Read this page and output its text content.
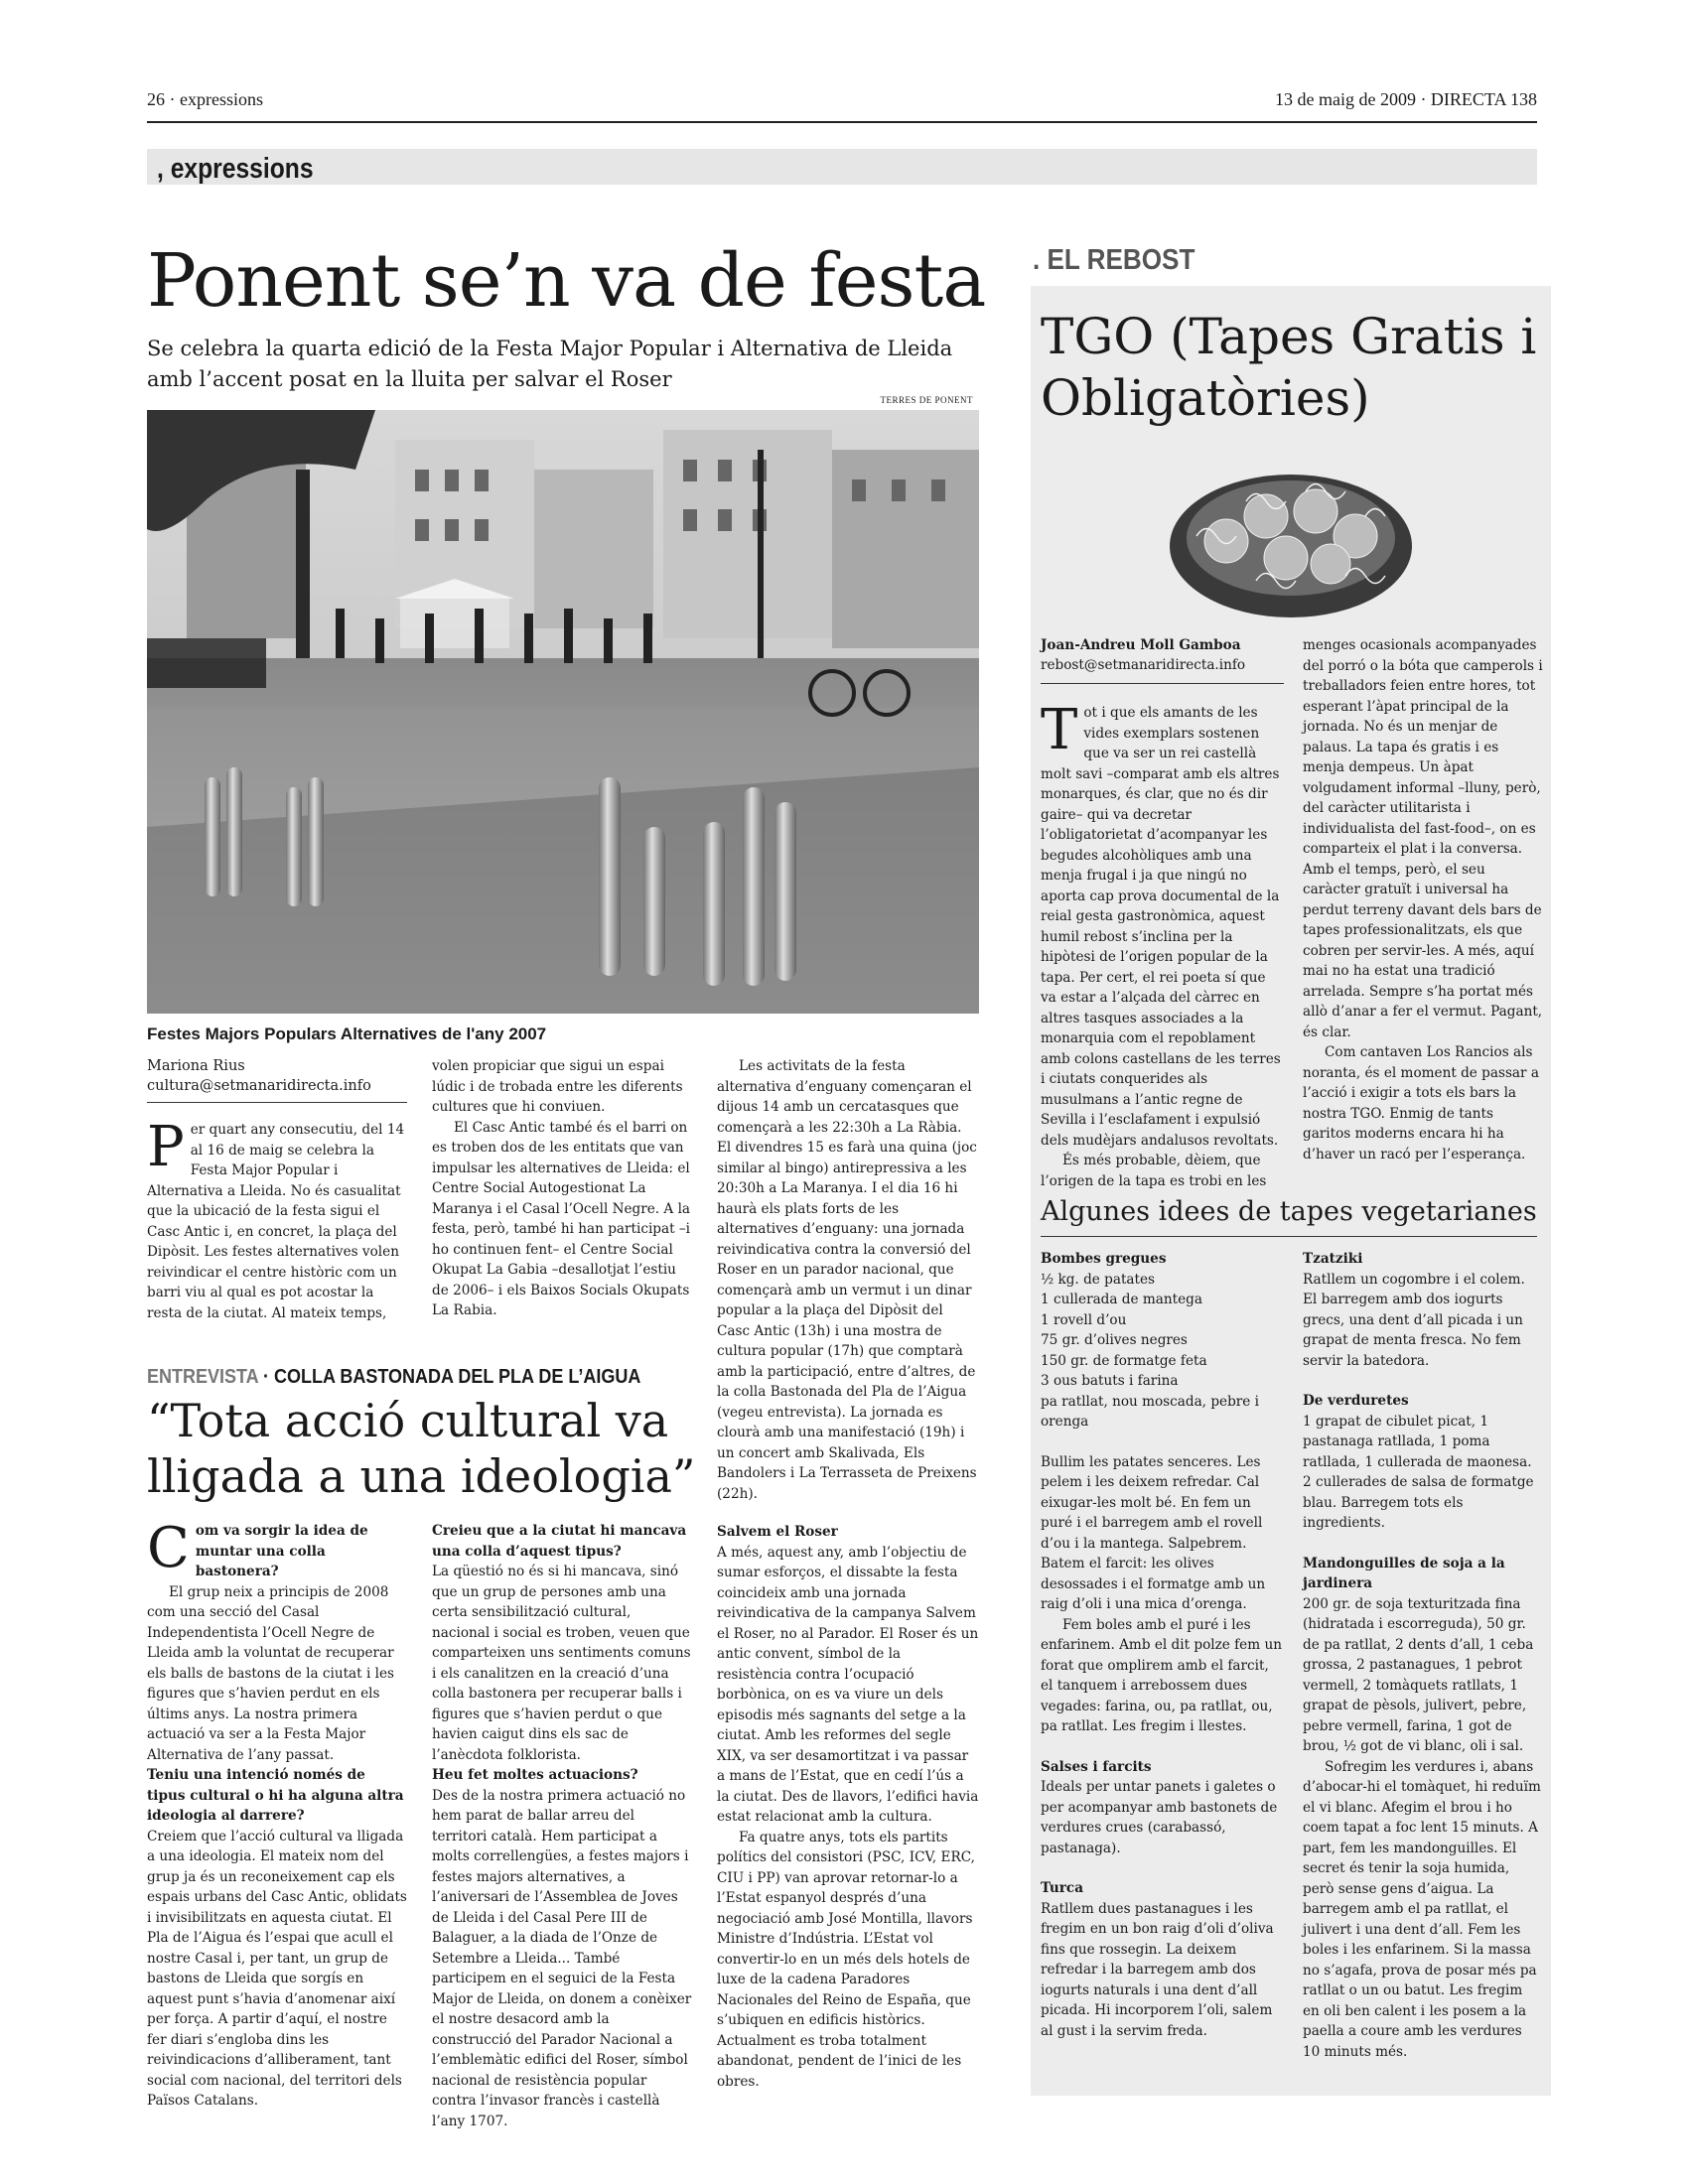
26 · expressions	13 de maig de 2009 · DIRECTA 138
, expressions
Ponent se’n va de festa
Se celebra la quarta edició de la Festa Major Popular i Alternativa de Lleida amb l’accent posat en la lluita per salvar el Roser
TERRES DE PONENT
Festes Majors Populars Alternatives de l'any 2007
Mariona Rius
cultura@setmanaridirecta.info
Per quart any consecutiu, del 14 al 16 de maig se celebra la Festa Major Popular i Alternativa a Lleida. No és casualitat que la ubicació de la festa sigui el Casc Antic i, en concret, la plaça del Dipòsit. Les festes alternatives volen reivindicar el centre històric com un barri viu al qual es pot acostar la resta de la ciutat. Al mateix temps,

volen propiciar que sigui un espai lúdic i de trobada entre les diferents cultures que hi conviuen.

El Casc Antic també és el barri on es troben dos de les entitats que van impulsar les alternatives de Lleida: el Centre Social Autogestionat La Maranya i el Casal l’Ocell Negre. A la festa, però, també hi han participat –i ho continuen fent– el Centre Social Okupat La Gabia –desallotjat l’estiu de 2006– i els Baixos Socials Okupats La Rabia.

Les activitats de la festa alternativa d’enguany començaran el dijous 14 amb un cercatasques que començarà a les 22:30h a La Ràbia. El divendres 15 es farà una quina (joc similar al bingo) antirepressiva a les 20:30h a La Maranya. I el dia 16 hi haurà els plats forts de les alternatives d’enguany: una jornada reivindicativa contra la conversió del Roser en un parador nacional, que començarà amb un vermut i un dinar popular a la plaça del Dipòsit del Casc Antic (13h) i una mostra de cultura popular (17h) que comptarà amb la participació, entre d’altres, de la colla Bastonada del Pla de l’Aigua (vegeu entrevista). La jornada es clourà amb una manifestació (19h) i un concert amb Skalivada, Els Bandolers i La Terrasseta de Preixens (22h).

Salvem el Roser

A més, aquest any, amb l’objectiu de sumar esforços, el dissabte la festa coincideix amb una jornada reivindicativa de la campanya Salvem el Roser, no al Parador. El Roser és un antic convent, símbol de la resistència contra l’ocupació borbònica, on es va viure un dels episodis més sagnants del setge a la ciutat. Amb les reformes del segle XIX, va ser desamortitzat i va passar a mans de l’Estat, que en cedí l’ús a la ciutat. Des de llavors, l’edifici havia estat relacionat amb la cultura.

Fa quatre anys, tots els partits polítics del consistori (PSC, ICV, ERC, CIU i PP) van aprovar retornar-lo a l’Estat espanyol després d’una negociació amb José Montilla, llavors Ministre d’Indústria. L’Estat vol convertir-lo en un més dels hotels de luxe de la cadena Paradores Nacionales del Reino de España, que s’ubiquen en edificis històrics. Actualment es troba totalment abandonat, pendent de l’inici de les obres.

ENTREVISTA · COLLA BASTONADA DEL PLA DE L’AIGUA
“Tota acció cultural va lligada a una ideologia”
Com va sorgir la idea de muntar una colla bastonera?

El grup neix a principis de 2008 com una secció del Casal Independentista l’Ocell Negre de Lleida amb la voluntat de recuperar els balls de bastons de la ciutat i les figures que s’havien perdut en els últims anys. La nostra primera actuació va ser a la Festa Major Alternativa de l’any passat.

Teniu una intenció només de tipus cultural o hi ha alguna altra ideologia al darrere?

Creiem que l’acció cultural va lligada a una ideologia. El mateix nom del grup ja és un reconeixement cap els espais urbans del Casc Antic, oblidats i invisibilitzats en aquesta ciutat. El Pla de l’Aigua és l’espai que acull el nostre Casal i, per tant, un grup de bastons de Lleida que sorgís en aquest punt s’havia d’anomenar així per força. A partir d’aquí, el nostre fer diari s’engloba dins les reivindicacions d’alliberament, tant social com nacional, del territori dels Països Catalans.

Creieu que a la ciutat hi mancava una colla d’aquest tipus?

La qüestió no és si hi mancava, sinó que un grup de persones amb una certa sensibilització cultural, nacional i social es troben, veuen que comparteixen uns sentiments comuns i els canalitzen en la creació d’una colla bastonera per recuperar balls i figures que s’havien perdut o que havien caigut dins els sac de l’anècdota folklorista.

Heu fet moltes actuacions?

Des de la nostra primera actuació no hem parat de ballar arreu del territori català. Hem participat a molts correllengües, a festes majors i festes majors alternatives, a l’aniversari de l’Assemblea de Joves de Lleida i del Casal Pere III de Balaguer, a la diada de l’Onze de Setembre a Lleida... També participem en el seguici de la Festa Major de Lleida, on donem a conèixer el nostre desacord amb la construcció del Parador Nacional a l’emblemàtic edifici del Roser, símbol nacional de resistència popular contra l’invasor francès i castellà l’any 1707.

. EL REBOST
TGO (Tapes Gratis i Obligatòries)
Joan-Andreu Moll Gamboa
rebost@setmanaridirecta.info
Tot i que els amants de les vides exemplars sostenen que va ser un rei castellà molt savi –comparat amb els altres monarques, és clar, que no és dir gaire– qui va decretar l’obligatorietat d’acompanyar les begudes alcohòliques amb una menja frugal i ja que ningú no aporta cap prova documental de la reial gesta gastronòmica, aquest humil rebost s’inclina per la hipòtesi de l’origen popular de la tapa. Per cert, el rei poeta sí que va estar a l’alçada del càrrec en altres tasques associades a la monarquia com el repoblament amb colons castellans de les terres i ciutats conquerides als musulmans a l’antic regne de Sevilla i l’esclafament i expulsió dels mudèjars andalusos revoltats.

És més probable, dèiem, que l’origen de la tapa es trobi en les

menges ocasionals acompanyades del porró o la bóta que camperols i treballadors feien entre hores, tot esperant l’àpat principal de la jornada. No és un menjar de palaus. La tapa és gratis i es menja dempeus. Un àpat volgudament informal –lluny, però, del caràcter utilitarista i individualista del fast-food–, on es comparteix el plat i la conversa. Amb el temps, però, el seu caràcter gratuït i universal ha perdut terreny davant dels bars de tapes professionalitzats, els que cobren per servir-les. A més, aquí mai no ha estat una tradició arrelada. Sempre s’ha portat més allò d’anar a fer el vermut. Pagant, és clar.

Com cantaven Los Rancios als noranta, és el moment de passar a l’acció i exigir a tots els bars la nostra TGO. Enmig de tants garitos moderns encara hi ha d’haver un racó per l’esperança.

Algunes idees de tapes vegetarianes
Bombes gregues

½ kg. de patates

1 cullerada de mantega

1 rovell d’ou

75 gr. d’olives negres

150 gr. de formatge feta

3 ous batuts i farina

pa ratllat, nou moscada, pebre i orenga

Bullim les patates senceres. Les pelem i les deixem refredar. Cal eixugar-les molt bé. En fem un puré i el barregem amb el rovell d’ou i la mantega. Salpebrem. Batem el farcit: les olives desossades i el formatge amb un raig d’oli i una mica d’orenga.

Fem boles amb el puré i les enfarinem. Amb el dit polze fem un forat que omplirem amb el farcit, el tanquem i arrebossem dues vegades: farina, ou, pa ratllat, ou, pa ratllat. Les fregim i llestes.

Salses i farcits

Ideals per untar panets i galetes o per acompanyar amb bastonets de verdures crues (carabassó, pastanaga).

Turca

Ratllem dues pastanagues i les fregim en un bon raig d’oli d’oliva fins que rossegin. La deixem refredar i la barregem amb dos iogurts naturals i una dent d’all picada. Hi incorporem l’oli, salem al gust i la servim freda.

Tzatziki

Ratllem un cogombre i el colem. El barregem amb dos iogurts grecs, una dent d’all picada i un grapat de menta fresca. No fem servir la batedora.

De verduretes

1 grapat de cibulet picat, 1 pastanaga ratllada, 1 poma ratllada, 1 cullerada de maonesa. 2 cullerades de salsa de formatge blau. Barregem tots els ingredients.

Mandonguilles de soja a la jardinera

200 gr. de soja texturitzada fina (hidratada i escorreguda), 50 gr. de pa ratllat, 2 dents d’all, 1 ceba grossa, 2 pastanagues, 1 pebrot vermell, 2 tomàquets ratllats, 1 grapat de pèsols, julivert, pebre, pebre vermell, farina, 1 got de brou, ½ got de vi blanc, oli i sal.

Sofregim les verdures i, abans d’abocar-hi el tomàquet, hi reduïm el vi blanc. Afegim el brou i ho coem tapat a foc lent 15 minuts. A part, fem les mandonguilles. El secret és tenir la soja humida, però sense gens d’aigua. La barregem amb el pa ratllat, el julivert i una dent d’all. Fem les boles i les enfarinem. Si la massa no s’agafa, prova de posar més pa ratllat o un ou batut. Les fregim en oli ben calent i les posem a la paella a coure amb les verdures 10 minuts més.
